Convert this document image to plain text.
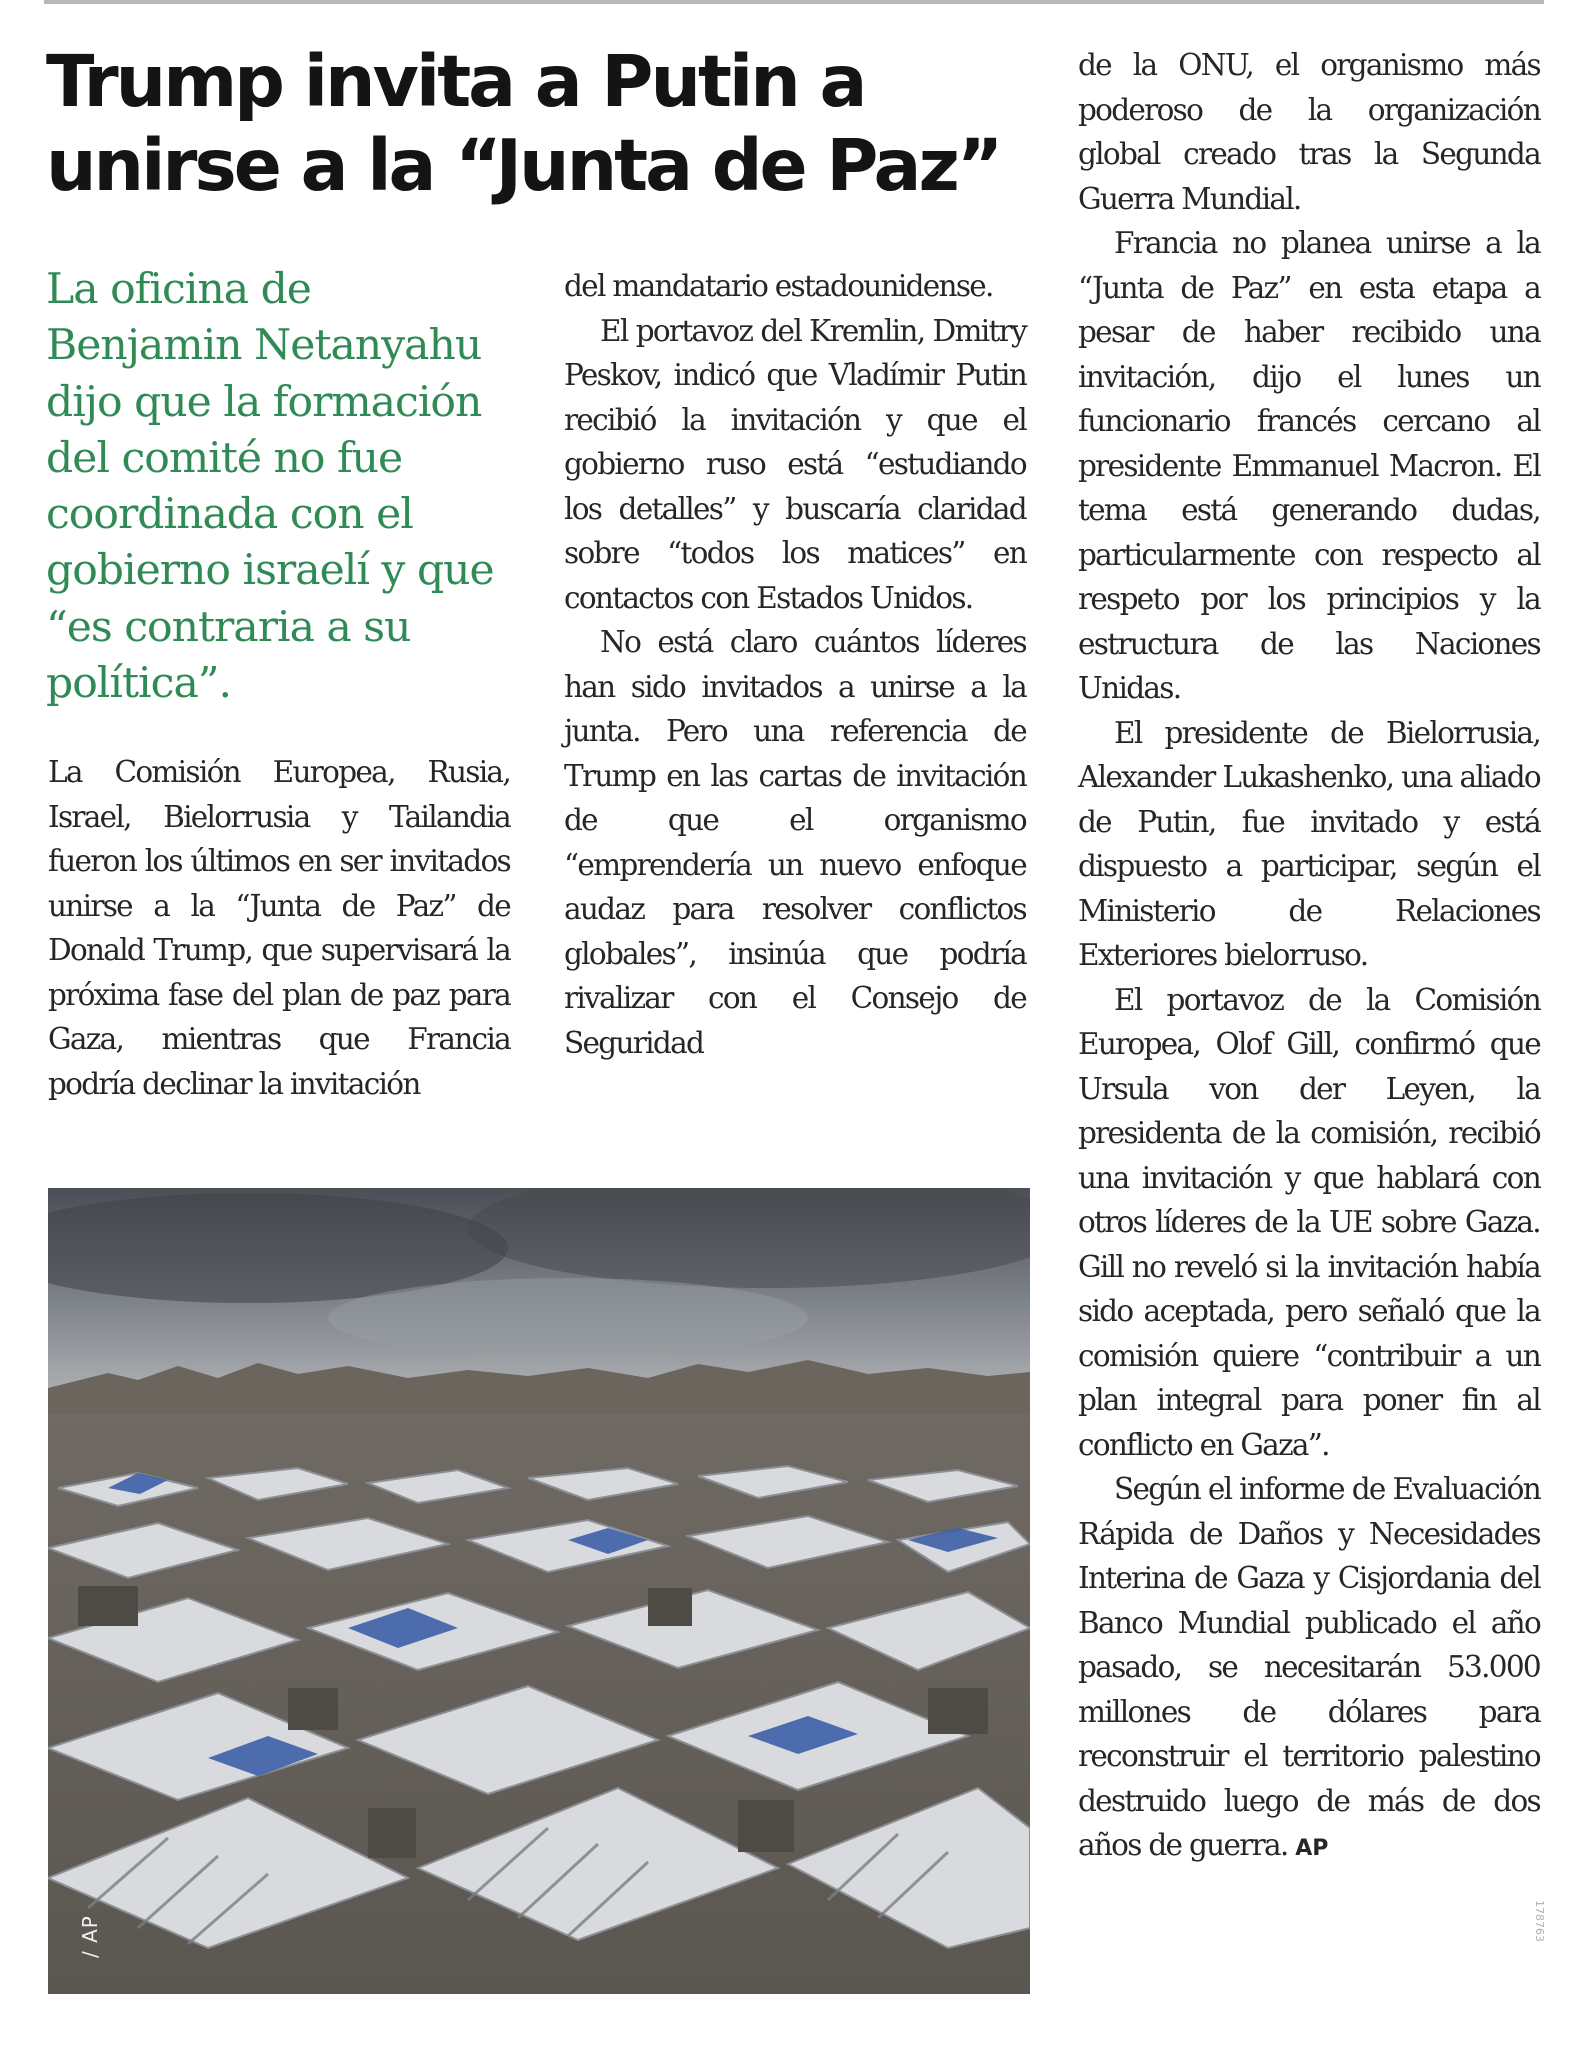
Trump invita a Putin a unirse a la “Junta de Paz”

La oficina de Benjamin Netanyahu dijo que la formación del comité no fue coordinada con el gobierno israelí y que “es contraria a su política”.

La Comisión Europea, Rusia, Israel, Bielorrusia y Tailandia fueron los últimos en ser invitados unirse a la “Junta de Paz” de Donald Trump, que supervisará la próxima fase del plan de paz para Gaza, mientras que Francia podría declinar la invitación

del mandatario estadounidense.

El portavoz del Kremlin, Dmitry Peskov, indicó que Vladímir Putin recibió la invitación y que el gobierno ruso está “estudiando los detalles” y buscaría claridad sobre “todos los matices” en contactos con Estados Unidos.

No está claro cuántos líderes han sido invitados a unirse a la junta. Pero una referencia de Trump en las cartas de invitación de que el organismo “emprendería un nuevo enfoque audaz para resolver conflictos globales”, insinúa que podría rivalizar con el Consejo de Seguridad

de la ONU, el organismo más poderoso de la organización global creado tras la Segunda Guerra Mundial.

Francia no planea unirse a la “Junta de Paz” en esta etapa a pesar de haber recibido una invitación, dijo el lunes un funcionario francés cercano al presidente Emmanuel Macron. El tema está generando dudas, particularmente con respecto al respeto por los principios y la estructura de las Naciones Unidas.

El presidente de Bielorrusia, Alexander Lukashenko, una aliado de Putin, fue invitado y está dispuesto a participar, según el Ministerio de Relaciones Exteriores bielorruso.

El portavoz de la Comisión Europea, Olof Gill, confirmó que Ursula von der Leyen, la presidenta de la comisión, recibió una invitación y que hablará con otros líderes de la UE sobre Gaza. Gill no reveló si la invitación había sido aceptada, pero señaló que la comisión quiere “contribuir a un plan integral para poner fin al conflicto en Gaza”.

Según el informe de Evaluación Rápida de Daños y Necesidades Interina de Gaza y Cisjordania del Banco Mundial publicado el año pasado, se necesitarán 53.000 millones de dólares para reconstruir el territorio palestino destruido luego de más de dos años de guerra. AP

/ AP	178763
